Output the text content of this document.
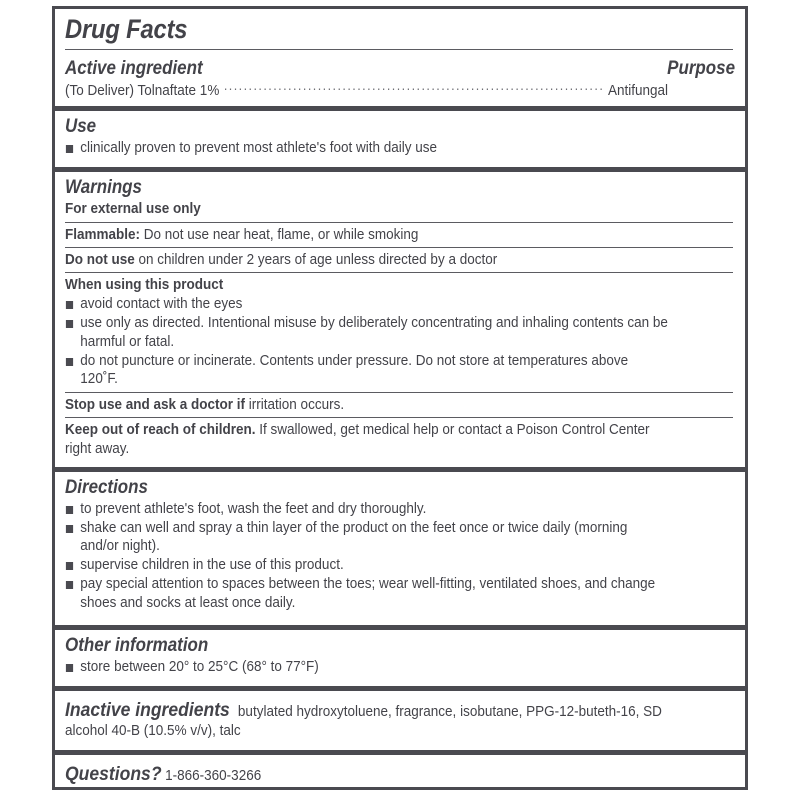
Drug Facts
Active ingredient	Purpose
(To Deliver) Tolnaftate 1% .....	Antifungal
Use
clinically proven to prevent most athlete's foot with daily use
Warnings
For external use only
Flammable: Do not use near heat, flame, or while smoking
Do not use on children under 2 years of age unless directed by a doctor
When using this product
avoid contact with the eyes
use only as directed. Intentional misuse by deliberately concentrating and inhaling contents can be harmful or fatal.
do not puncture or incinerate. Contents under pressure. Do not store at temperatures above 120˚F.
Stop use and ask a doctor if irritation occurs.
Keep out of reach of children. If swallowed, get medical help or contact a Poison Control Center right away.
Directions
to prevent athlete's foot, wash the feet and dry thoroughly.
shake can well and spray a thin layer of the product on the feet once or twice daily (morning and/or night).
supervise children in the use of this product.
pay special attention to spaces between the toes; wear well-fitting, ventilated shoes, and change shoes and socks at least once daily.
Other information
store between 20° to 25°C (68° to 77°F)
Inactive ingredients butylated hydroxytoluene, fragrance, isobutane, PPG-12-buteth-16, SD alcohol 40-B (10.5% v/v), talc
Questions? 1-866-360-3266
